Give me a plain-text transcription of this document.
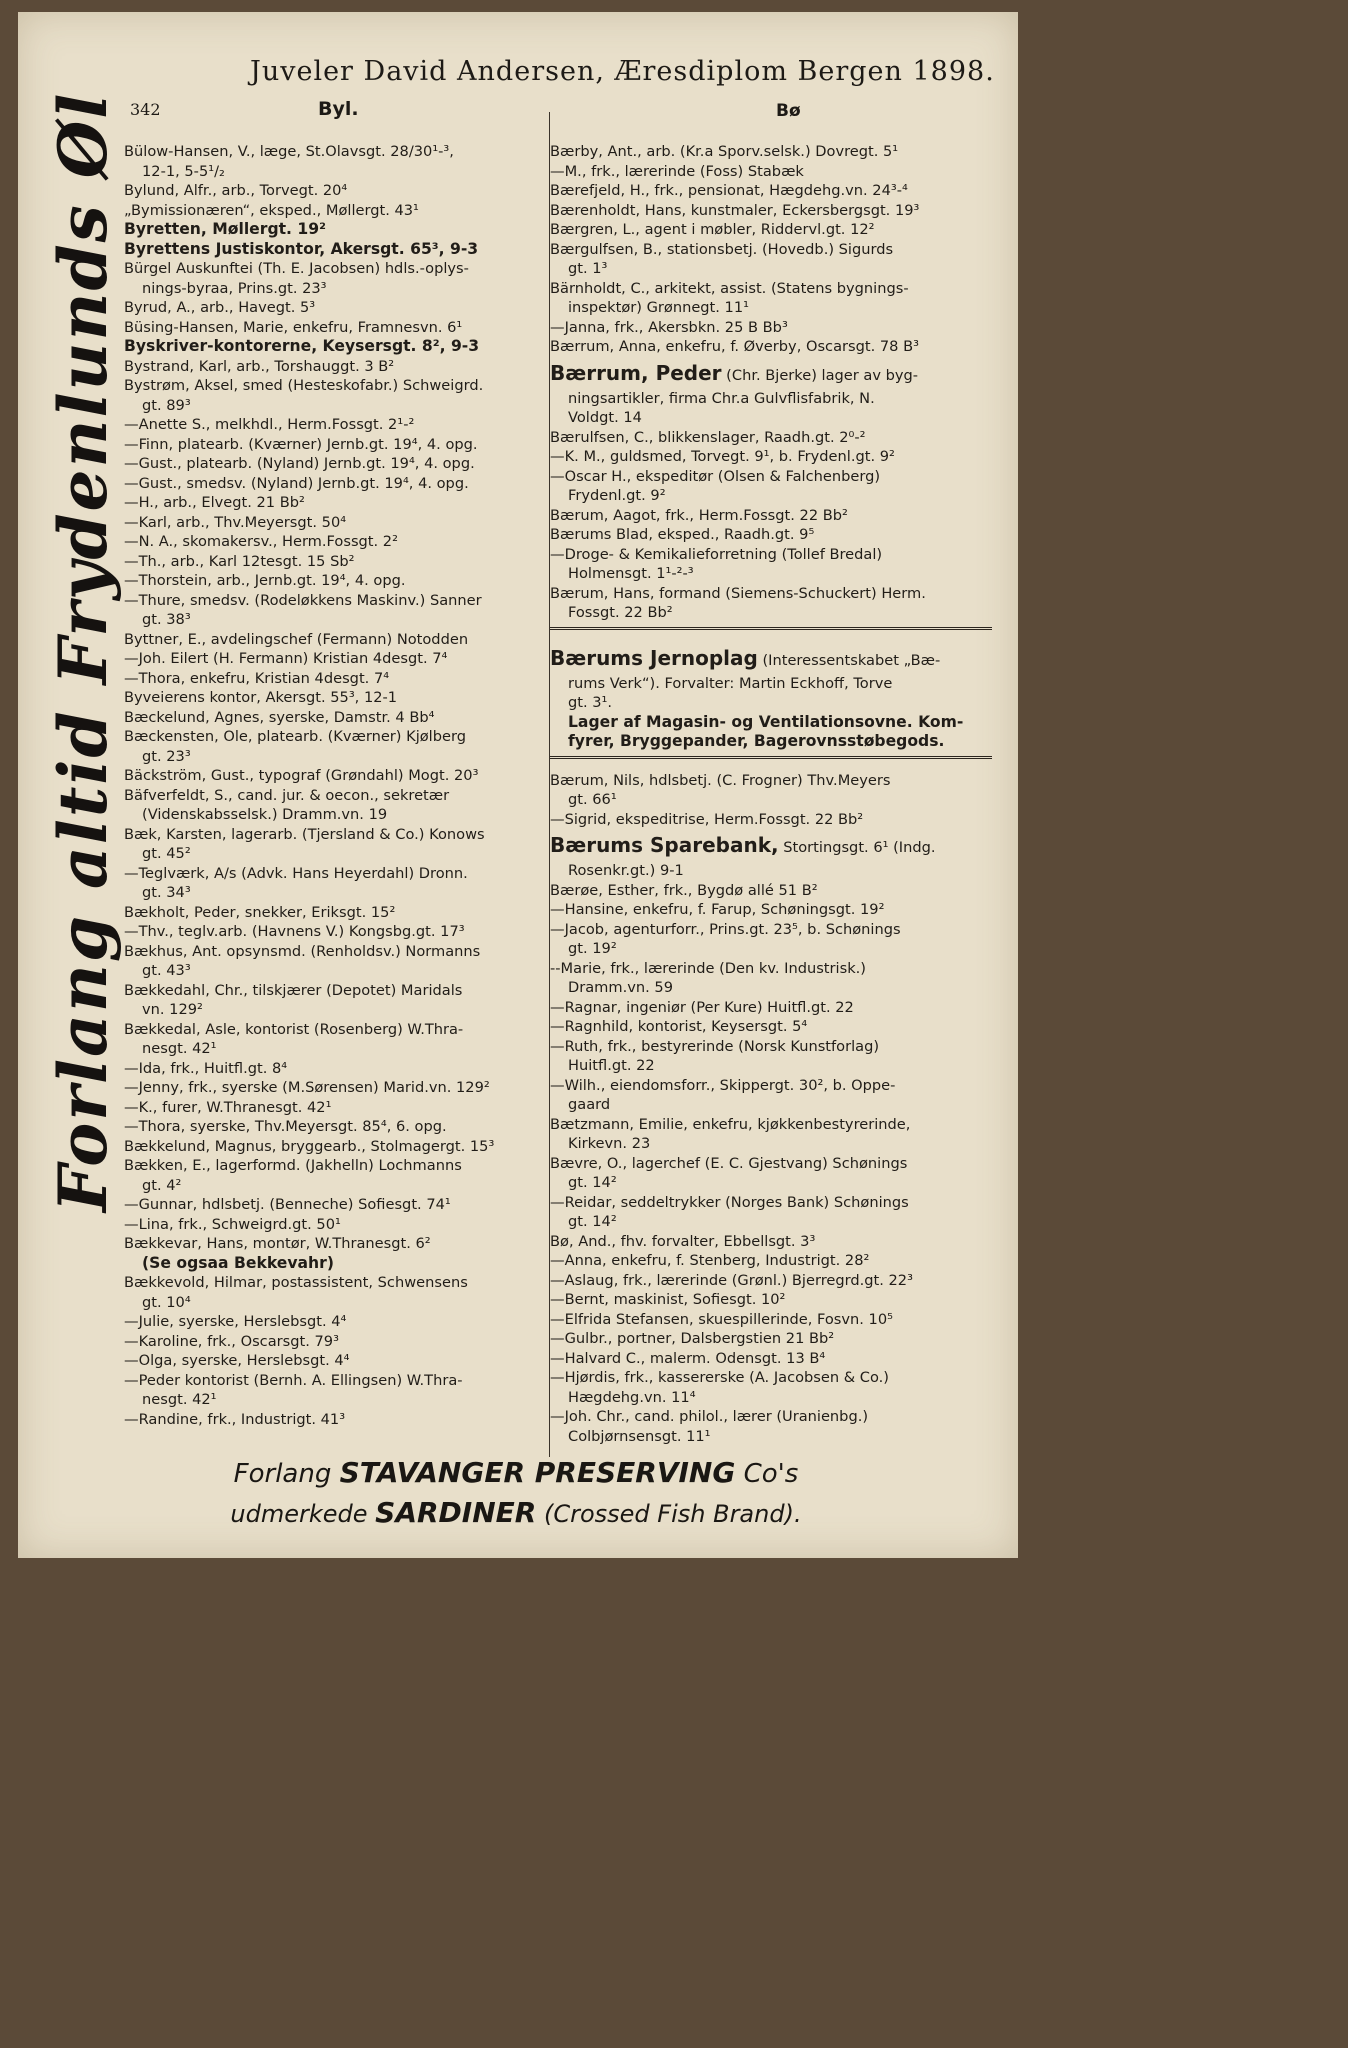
Juveler David Andersen, Æresdiplom Bergen 1898.
342	Byl.	Bø
Forlang altid Frydenlunds Øl Bülow-Hansen, V., læge, St.Olavsgt. 28/30¹-³,
12-1, 5-5¹/₂
Bylund, Alfr., arb., Torvegt. 20⁴
„Bymissionæren“, eksped., Møllergt. 43¹
Byretten, Møllergt. 19²
Byrettens Justiskontor, Akersgt. 65³, 9-3
Bürgel Auskunftei (Th. E. Jacobsen) hdls.-oplys-
nings-byraa, Prins.gt. 23³
Byrud, A., arb., Havegt. 5³
Büsing-Hansen, Marie, enkefru, Framnesvn. 6¹
Byskriver-kontorerne, Keysersgt. 8², 9-3
Bystrand, Karl, arb., Torshauggt. 3 B²
Bystrøm, Aksel, smed (Hesteskofabr.) Schweigrd.
gt. 89³
—Anette S., melkhdl., Herm.Fossgt. 2¹-²
—Finn, platearb. (Kværner) Jernb.gt. 19⁴, 4. opg.
—Gust., platearb. (Nyland) Jernb.gt. 19⁴, 4. opg.
—Gust., smedsv. (Nyland) Jernb.gt. 19⁴, 4. opg.
—H., arb., Elvegt. 21 Bb²
—Karl, arb., Thv.Meyersgt. 50⁴
—N. A., skomakersv., Herm.Fossgt. 2²
—Th., arb., Karl 12tesgt. 15 Sb²
—Thorstein, arb., Jernb.gt. 19⁴, 4. opg.
—Thure, smedsv. (Rodeløkkens Maskinv.) Sanner
gt. 38³
Byttner, E., avdelingschef (Fermann) Notodden
—Joh. Eilert (H. Fermann) Kristian 4desgt. 7⁴
—Thora, enkefru, Kristian 4desgt. 7⁴
Byveierens kontor, Akersgt. 55³, 12-1
Bæckelund, Agnes, syerske, Damstr. 4 Bb⁴
Bæckensten, Ole, platearb. (Kværner) Kjølberg
gt. 23³
Bäckström, Gust., typograf (Grøndahl) Mogt. 20³
Bäfverfeldt, S., cand. jur. & oecon., sekretær
(Videnskabsselsk.) Dramm.vn. 19
Bæk, Karsten, lagerarb. (Tjersland & Co.) Konows
gt. 45²
—Teglværk, A/s (Advk. Hans Heyerdahl) Dronn.
gt. 34³
Bækholt, Peder, snekker, Eriksgt. 15²
—Thv., teglv.arb. (Havnens V.) Kongsbg.gt. 17³
Bækhus, Ant. opsynsmd. (Renholdsv.) Normanns
gt. 43³
Bækkedahl, Chr., tilskjærer (Depotet) Maridals
vn. 129²
Bækkedal, Asle, kontorist (Rosenberg) W.Thra-
nesgt. 42¹
—Ida, frk., Huitfl.gt. 8⁴
—Jenny, frk., syerske (M.Sørensen) Marid.vn. 129²
—K., furer, W.Thranesgt. 42¹
—Thora, syerske, Thv.Meyersgt. 85⁴, 6. opg.
Bækkelund, Magnus, bryggearb., Stolmagergt. 15³
Bækken, E., lagerformd. (Jakhelln) Lochmanns
gt. 4²
—Gunnar, hdlsbetj. (Benneche) Sofiesgt. 74¹
—Lina, frk., Schweigrd.gt. 50¹
Bækkevar, Hans, montør, W.Thranesgt. 6²
(Se ogsaa Bekkevahr)
Bækkevold, Hilmar, postassistent, Schwensens
gt. 10⁴
—Julie, syerske, Herslebsgt. 4⁴
—Karoline, frk., Oscarsgt. 79³
—Olga, syerske, Herslebsgt. 4⁴
—Peder kontorist (Bernh. A. Ellingsen) W.Thra-
nesgt. 42¹
—Randine, frk., Industrigt. 41³
Bærby, Ant., arb. (Kr.a Sporv.selsk.) Dovregt. 5¹
—M., frk., lærerinde (Foss) Stabæk
Bærefjeld, H., frk., pensionat, Hægdehg.vn. 24³-⁴
Bærenholdt, Hans, kunstmaler, Eckersbergsgt. 19³
Bærgren, L., agent i møbler, Riddervl.gt. 12²
Bærgulfsen, B., stationsbetj. (Hovedb.) Sigurds
gt. 1³
Bärnholdt, C., arkitekt, assist. (Statens bygnings-
inspektør) Grønnegt. 11¹
—Janna, frk., Akersbkn. 25 B Bb³
Bærrum, Anna, enkefru, f. Øverby, Oscarsgt. 78 B³
Bærrum, Peder (Chr. Bjerke) lager av byg-
ningsartikler, firma Chr.a Gulvflisfabrik, N.
Voldgt. 14
Bærulfsen, C., blikkenslager, Raadh.gt. 2⁰-²
—K. M., guldsmed, Torvegt. 9¹, b. Frydenl.gt. 9²
—Oscar H., ekspeditør (Olsen & Falchenberg)
Frydenl.gt. 9²
Bærum, Aagot, frk., Herm.Fossgt. 22 Bb²
Bærums Blad, eksped., Raadh.gt. 9⁵
—Droge- & Kemikalieforretning (Tollef Bredal)
Holmensgt. 1¹-²-³
Bærum, Hans, formand (Siemens-Schuckert) Herm.
Fossgt. 22 Bb²
Bærums Jernoplag (Interessentskabet „Bæ-
rums Verk“). Forvalter: Martin Eckhoff, Torve
gt. 3¹.
Lager af Magasin- og Ventilationsovne. Kom-
fyrer, Bryggepander, Bagerovnsstøbegods.
Bærum, Nils, hdlsbetj. (C. Frogner) Thv.Meyers
gt. 66¹
—Sigrid, ekspeditrise, Herm.Fossgt. 22 Bb²
Bærums Sparebank, Stortingsgt. 6¹ (Indg.
Rosenkr.gt.) 9-1
Bærøe, Esther, frk., Bygdø allé 51 B²
—Hansine, enkefru, f. Farup, Schøningsgt. 19²
—Jacob, agenturforr., Prins.gt. 23⁵, b. Schønings
gt. 19²
--Marie, frk., lærerinde (Den kv. Industrisk.)
Dramm.vn. 59
—Ragnar, ingeniør (Per Kure) Huitfl.gt. 22
—Ragnhild, kontorist, Keysersgt. 5⁴
—Ruth, frk., bestyrerinde (Norsk Kunstforlag)
Huitfl.gt. 22
—Wilh., eiendomsforr., Skippergt. 30², b. Oppe-
gaard
Bætzmann, Emilie, enkefru, kjøkkenbestyrerinde,
Kirkevn. 23
Bævre, O., lagerchef (E. C. Gjestvang) Schønings
gt. 14²
—Reidar, seddeltrykker (Norges Bank) Schønings
gt. 14²
Bø, And., fhv. forvalter, Ebbellsgt. 3³
—Anna, enkefru, f. Stenberg, Industrigt. 28²
—Aslaug, frk., lærerinde (Grønl.) Bjerregrd.gt. 22³
—Bernt, maskinist, Sofiesgt. 10²
—Elfrida Stefansen, skuespillerinde, Fosvn. 10⁵
—Gulbr., portner, Dalsbergstien 21 Bb²
—Halvard C., malerm. Odensgt. 13 B⁴
—Hjørdis, frk., kassererske (A. Jacobsen & Co.)
Hægdehg.vn. 11⁴
—Joh. Chr., cand. philol., lærer (Uranienbg.)
Colbjørnsensgt. 11¹
Forlang STAVANGER PRESERVING Co's
udmerkede SARDINER (Crossed Fish Brand).
